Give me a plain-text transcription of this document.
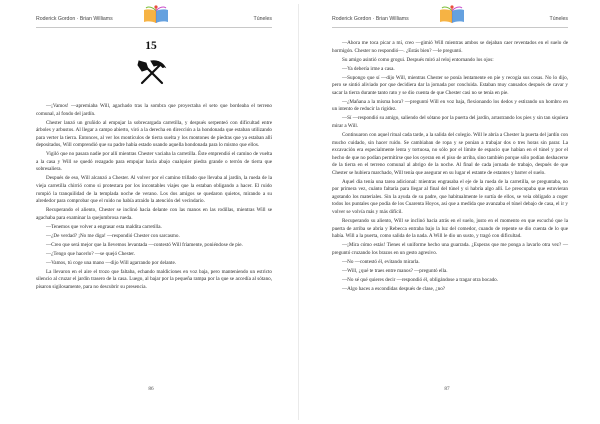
Roderick Gordon · Brian Williams	Túneles
15

—¡Vamos! —apremiaba Will, agachado tras la sombra que proyectaba el seto que bordeaba el terreno comunal, al fondo del jardín.

Chester lanzó un gruñido al empujar la sobrecargada carretilla, y después serpenteó con dificultad entre árboles y arbustos. Al llegar a campo abierto, viró a la derecha en dirección a la hondonada que estaban utilizando para verter la tierra. Entonces, al ver los montículos de tierra suelta y los montones de piedras que ya estaban allí depositados, Will comprendió que su padre había estado usando aquella hondonada para lo mismo que ellos.

Vigiló que no pasara nadie por allí mientras Chester vaciaba la carretilla. Éste emprendió el camino de vuelta a la casa y Will se quedó rezagado para empujar hacia abajo cualquier piedra grande o terrón de tierra que sobresaliera.

Después de eso, Will alcanzó a Chester. Al volver por el camino trillado que llevaba al jardín, la rueda de la vieja carretilla chirrió como si protestara por los incontables viajes que la estaban obligando a hacer. El ruido rompió la tranquilidad de la templada noche de verano. Los dos amigos se quedaron quietos, mirando a su alrededor para comprobar que el ruido no había atraído la atención del vecindario.

Recuperando el aliento, Chester se inclinó hacia delante con las manos en las rodillas, mientras Will se agachaba para examinar la quejumbrosa rueda.

—Tenemos que volver a engrasar esta maldita carretilla.

—¿De verdad? ¡No me diga! —respondió Chester con sarcasmo.

—Creo que será mejor que la llevemos levantada —contestó Will fríamente, poniéndose de pie.

—¿Tengo que hacerlo? —se quejó Chester.

—Vamos, tú coge una mano —dijo Will agarrando por delante.

La llevaron en el aire el trozo que faltaba, echando maldiciones en voz baja, pero manteniendo un estricto silencio al cruzar el jardín trasero de la casa. Luego, al bajar por la pequeña rampa por la que se accedía al sótano, pisaron sigilosamente, para no descubrir su presencia.

86
Roderick Gordon · Brian Williams	Túneles

—Ahora me toca picar a mí, creo —gimió Will mientras ambos se dejaban caer reventados en el suelo de hormigón. Chester no respondió—. ¿Estás bien? —le preguntó.

Su amigo asintió como grogui. Después miró al reloj entornando los ojos:

—Ya debería irme a casa.

—Supongo que sí —dijo Will, mientras Chester se ponía lentamente en pie y recogía sus cosas. No lo dijo, pero se sintió aliviado por que decidiera dar la jornada por concluida. Estaban muy cansados después de cavar y sacar la tierra durante tanto rato y se dio cuenta de que Chester casi no se tenía en pie.

—¿Mañana a la misma hora? —preguntó Will en voz baja, flexionando los dedos y estirando un hombro en un intento de reducir la rigidez.

—Sí —respondió su amigo, saliendo del sótano por la puerta del jardín, arrastrando los pies y sin tan siquiera mirar a Will.

Continuaron con aquel ritual cada tarde, a la salida del colegio. Will le abría a Chester la puerta del jardín con mucho cuidado, sin hacer ruido. Se cambiaban de ropa y se ponían a trabajar dos o tres horas sin parar. La excavación era especialmente lenta y tortuosa, no sólo por el límite de espacio que habían en el túnel y por el hecho de que no podían permitirse que los oyeran en el piso de arriba, sino también porque sólo podían deshacerse de la tierra en el terreno comunal al abrigo de la noche. Al final de cada jornada de trabajo, después de que Chester se hubiera marchado, Will tenía que asegurar en su lugar el estante de estantes y barrer el suelo.

Aquel día tenía una tarea adicional: mientras engrasaba el eje de la rueda de la carretilla, se preguntaba, no por primera vez, cuánto faltaría para llegar al final del túnel y si habría algo allí. Le preocupaba que estuvieran agotando los materiales. Sin la ayuda de su padre, que habitualmente le surtía de ellos, se veía obligado a coger todos los puntales que podía de los Cuarenta Hoyos, así que a medida que avanzaba el túnel debajo de casa, el ir y volver se volvía más y más difícil.

Recuperando su aliento, Will se inclinó hacia atrás en el suelo, justo en el momento en que escuchó que la puerta de arriba se abría y Rebecca entraba bajo la luz del comedor, cuando de repente se dio cuenta de lo que había. Will a la puerta, como salida de la nada. A Will le dio un susto, y tragó con dificultad.

—¡Mira cómo estás! Tienes el uniforme hecho una guarrada. ¿Esperas que me ponga a lavarlo otra vez? —preguntó cruzando los brazos en un gesto agresivo.

—No —contestó él, evitando mirarla.

—Will, ¿qué te traes entre manos? —preguntó ella.

—No sé qué quieres decir —respondió él, obligándose a tragar otra bocado.

—Algo haces a escondidas después de clase, ¿no?

87
